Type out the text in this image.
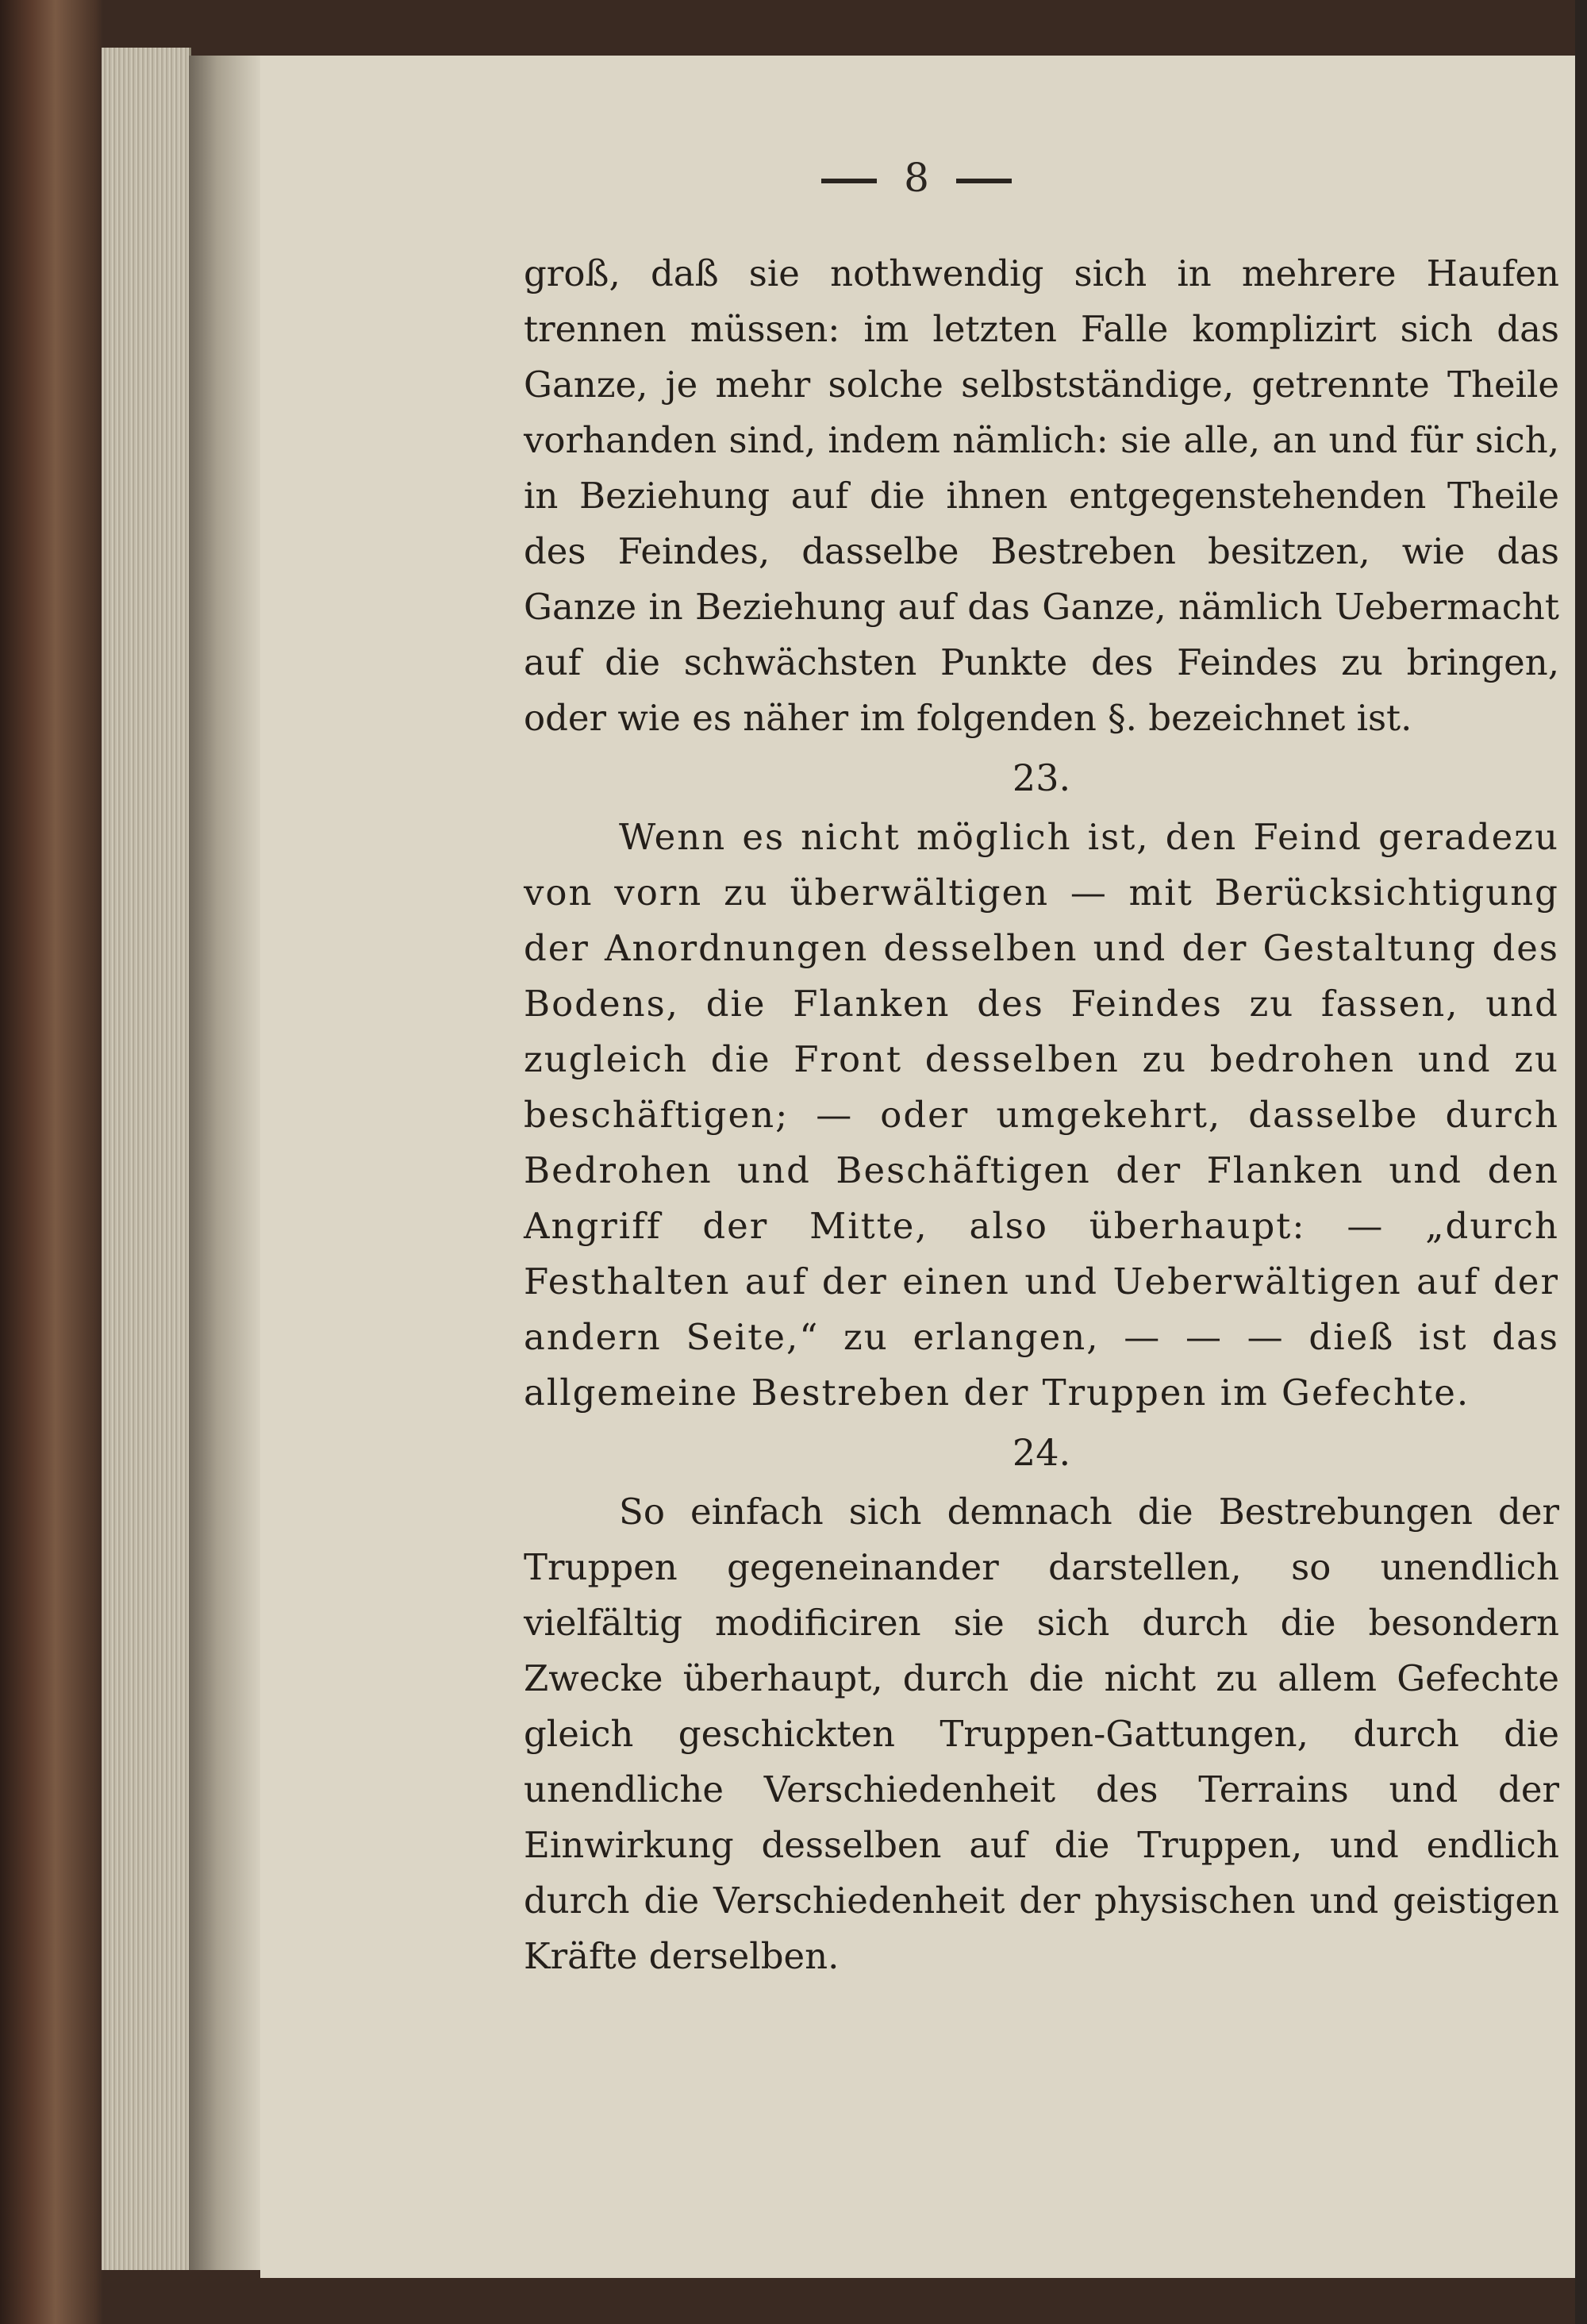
8

groß, daß sie nothwendig sich in mehrere Haufen trennen müssen: im letzten Falle komplizirt sich das Ganze, je mehr solche selbstständige, getrennte Theile vorhanden sind, indem nämlich: sie alle, an und für sich, in Beziehung auf die ihnen entgegenstehenden Theile des Feindes, dasselbe Bestreben besitzen, wie das Ganze in Beziehung auf das Ganze, nämlich Uebermacht auf die schwächsten Punkte des Feindes zu bringen, oder wie es näher im folgenden §. bezeichnet ist.

23.

Wenn es nicht möglich ist, den Feind geradezu von vorn zu überwältigen — mit Berücksichtigung der Anordnungen desselben und der Gestaltung des Bodens, die Flanken des Feindes zu fassen, und zugleich die Front desselben zu bedrohen und zu beschäftigen; — oder umgekehrt, dasselbe durch Bedrohen und Beschäftigen der Flanken und den Angriff der Mitte, also überhaupt: — „durch Festhalten auf der einen und Ueberwältigen auf der andern Seite,“ zu erlangen, — — — dieß ist das allgemeine Bestreben der Truppen im Gefechte.

24.

So einfach sich demnach die Bestrebungen der Truppen gegeneinander darstellen, so unendlich vielfältig modificiren sie sich durch die besondern Zwecke überhaupt, durch die nicht zu allem Gefechte gleich geschickten Truppen-Gattungen, durch die unendliche Verschiedenheit des Terrains und der Einwirkung desselben auf die Truppen, und endlich durch die Verschiedenheit der physischen und geistigen Kräfte derselben.
